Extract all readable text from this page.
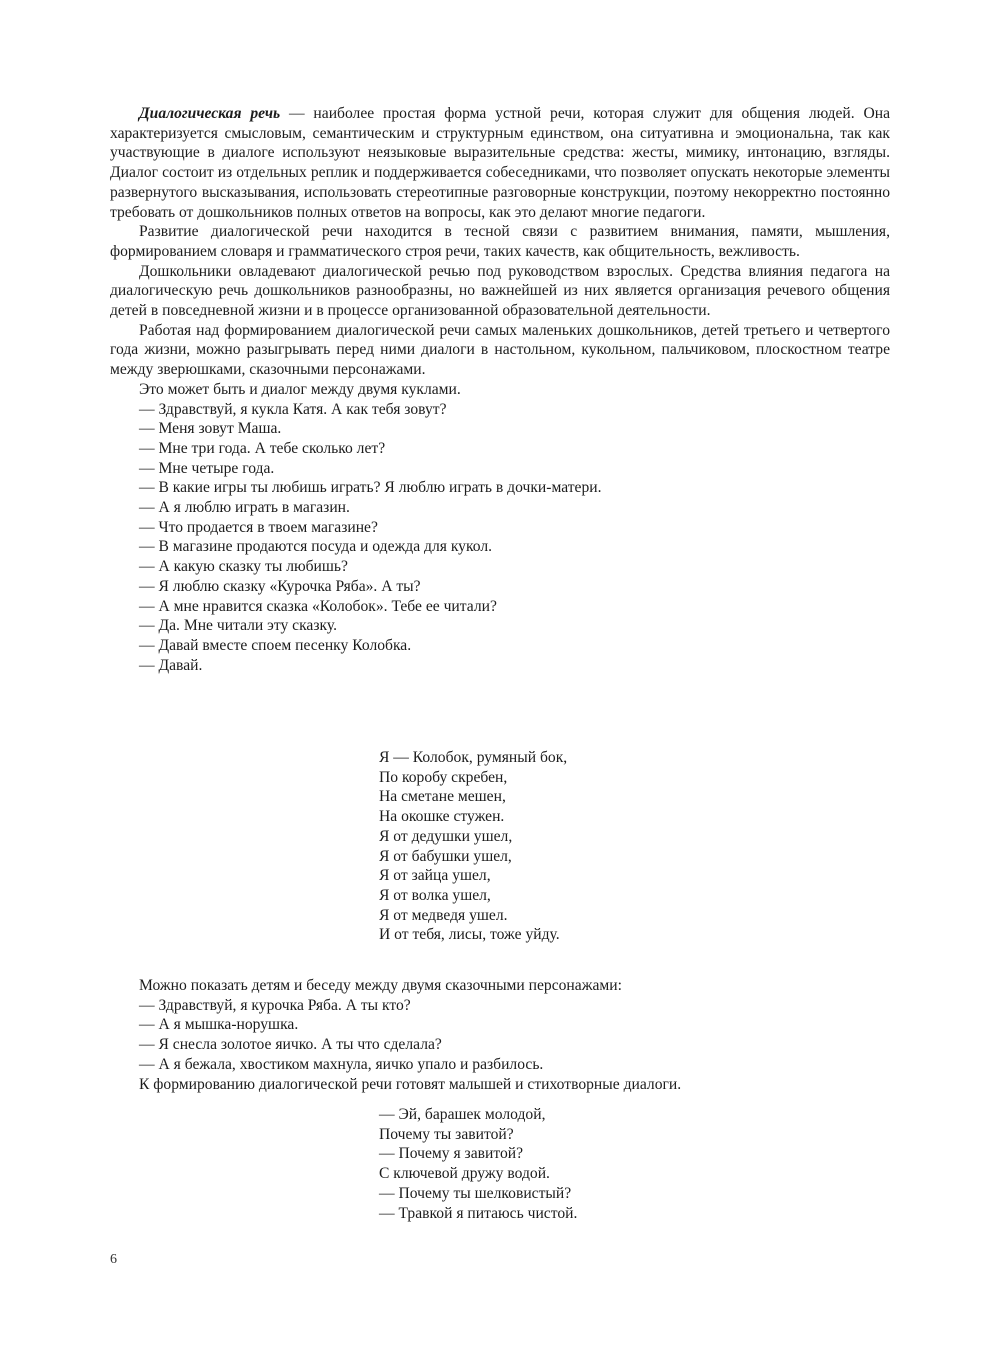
Диалогическая речь — наиболее простая форма устной речи, которая служит для общения людей. Она характеризуется смысловым, семантическим и структурным единством, она ситуативна и эмоциональна, так как участвующие в диалоге используют неязыковые выразительные средства: жесты, мимику, интонацию, взгляды. Диалог состоит из отдельных реплик и поддерживается собеседниками, что позволяет опускать некоторые элементы развернутого высказывания, использовать стереотипные разговорные конструкции, поэтому некорректно постоянно требовать от дошкольников полных ответов на вопросы, как это делают многие педагоги.

Развитие диалогической речи находится в тесной связи с развитием внимания, памяти, мышления, формированием словаря и грамматического строя речи, таких качеств, как общительность, вежливость.

Дошкольники овладевают диалогической речью под руководством взрослых. Средства влияния педагога на диалогическую речь дошкольников разнообразны, но важнейшей из них является организация речевого общения детей в повседневной жизни и в процессе организованной образовательной деятельности.

Работая над формированием диалогической речи самых маленьких дошкольников, детей третьего и четвертого года жизни, можно разыгрывать перед ними диалоги в настольном, кукольном, пальчиковом, плоскостном театре между зверюшками, сказочными персонажами.

Это может быть и диалог между двумя куклами.

— Здравствуй, я кукла Катя. А как тебя зовут?

— Меня зовут Маша.

— Мне три года. А тебе сколько лет?

— Мне четыре года.

— В какие игры ты любишь играть? Я люблю играть в дочки-матери.

— А я люблю играть в магазин.

— Что продается в твоем магазине?

— В магазине продаются посуда и одежда для кукол.

— А какую сказку ты любишь?

— Я люблю сказку «Курочка Ряба». А ты?

— А мне нравится сказка «Колобок». Тебе ее читали?

— Да. Мне читали эту сказку.

— Давай вместе споем песенку Колобка.

— Давай.

Я — Колобок, румяный бок,

По коробу скребен,

На сметане мешен,

На окошке стужен.

Я от дедушки ушел,

Я от бабушки ушел,

Я от зайца ушел,

Я от волка ушел,

Я от медведя ушел.

И от тебя, лисы, тоже уйду.

Можно показать детям и беседу между двумя сказочными персонажами:

— Здравствуй, я курочка Ряба. А ты кто?

— А я мышка-норушка.

— Я снесла золотое яичко. А ты что сделала?

— А я бежала, хвостиком махнула, яичко упало и разбилось.

К формированию диалогической речи готовят малышей и стихотворные диалоги.

— Эй, барашек молодой,

Почему ты завитой?

— Почему я завитой?

С ключевой дружу водой.

— Почему ты шелковистый?

— Травкой я питаюсь чистой.

6
